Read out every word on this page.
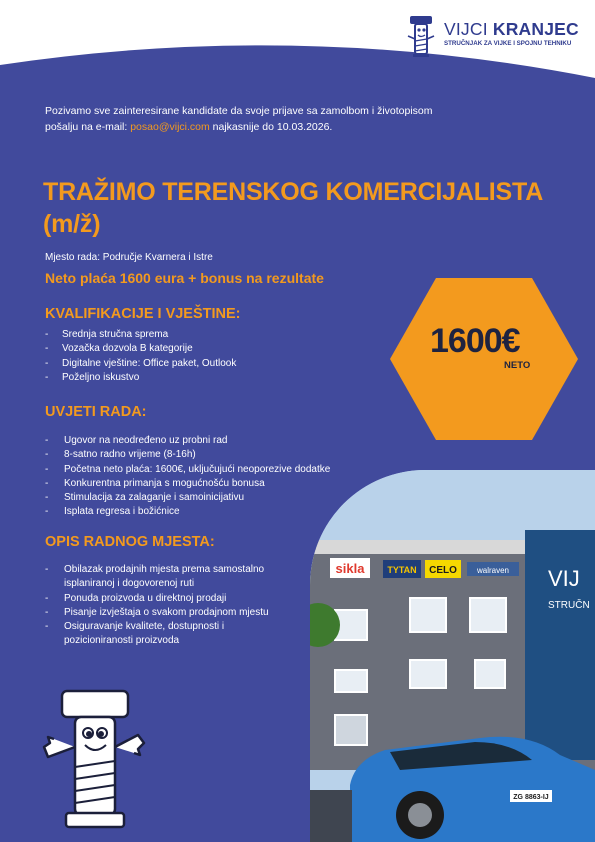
VIJCI KRANJEC
STRUČNJAK ZA VIJKE I SPOJNU TEHNIKU
Pozivamo sve zainteresirane kandidate da svoje prijave sa zamolbom i životopisom
pošalju na e-mail: posao@vijci.com najkasnije do 10.03.2026.
TRAŽIMO TERENSKOG KOMERCIJALISTA
(m/ž)
Mjesto rada: Područje Kvarnera i Istre
Neto plaća 1600 eura + bonus na rezultate
1600€
NETO
KVALIFIKACIJE I VJEŠTINE:
- Srednja stručna sprema
- Vozačka dozvola B kategorije
- Digitalne vještine: Office paket, Outlook
- Poželjno iskustvo
UVJETI RADA:
- Ugovor na neodređeno uz probni rad
- 8-satno radno vrijeme (8-16h)
- Početna neto plaća: 1600€, uključujući neoporezive dodatke
- Konkurentna primanja s mogućnošću bonusa
- Stimulacija za zalaganje i samoinicijativu
- Isplata regresa i božićnice
OPIS RADNOG MJESTA:
- Obilazak prodajnih mjesta prema samostalno
isplaniranoj i dogovorenoj ruti
- Ponuda proizvoda u direktnoj prodaji
- Pisanje izvještaja o svakom prodajnom mjestu
- Osiguravanje kvalitete, dostupnosti i
pozicioniranosti proizvoda
sikla	TYTAN CELO	walraven VIJ
STRUČN
ZG 8863-IJ
